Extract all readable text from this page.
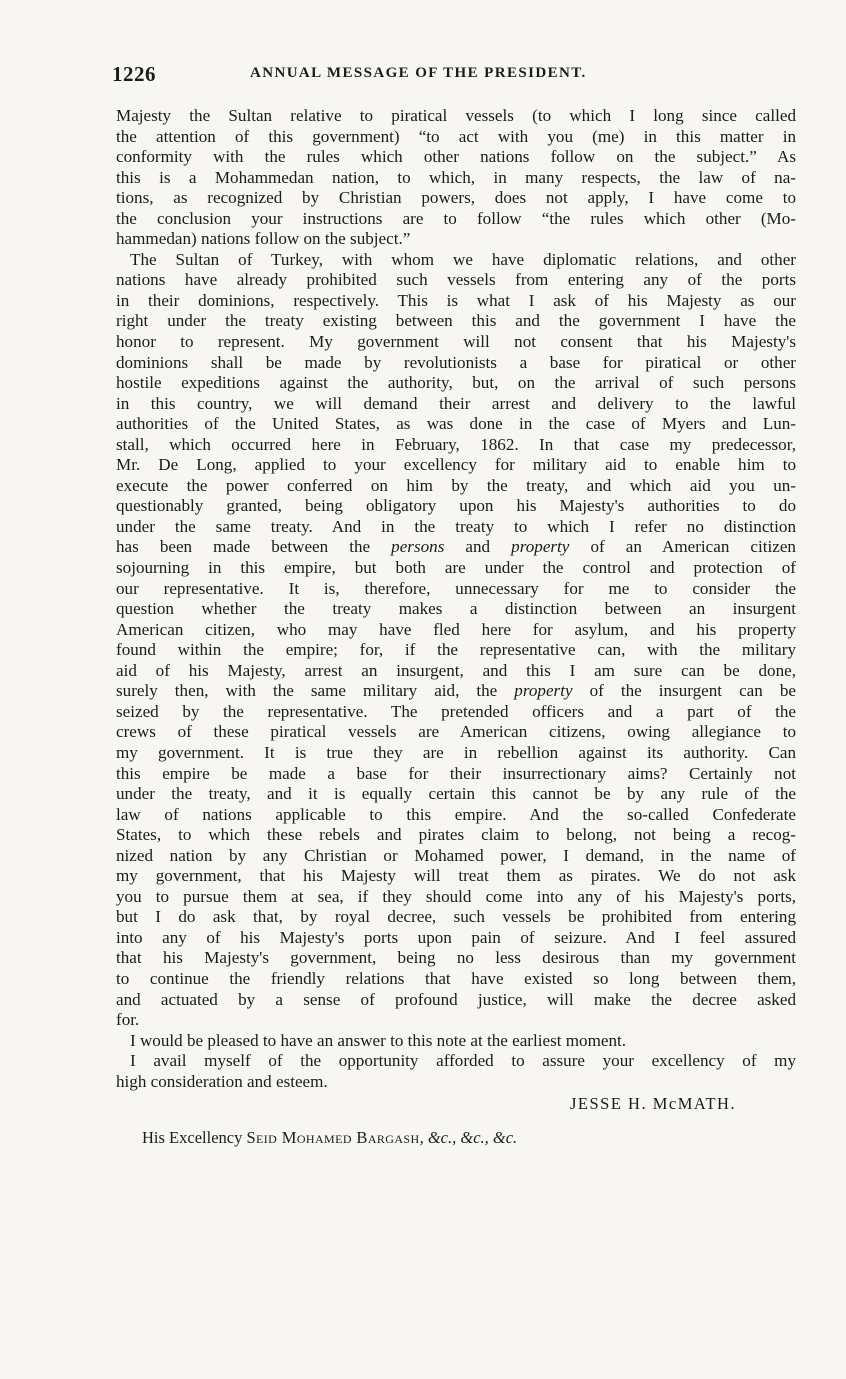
1226	ANNUAL MESSAGE OF THE PRESIDENT.
Majesty the Sultan relative to piratical vessels (to which I long since called
the attention of this government) “to act with you (me) in this matter in
conformity with the rules which other nations follow on the subject.” As
this is a Mohammedan nation, to which, in many respects, the law of na-
tions, as recognized by Christian powers, does not apply, I have come to
the conclusion your instructions are to follow “the rules which other (Mo-
hammedan) nations follow on the subject.”
The Sultan of Turkey, with whom we have diplomatic relations, and other
nations have already prohibited such vessels from entering any of the ports
in their dominions, respectively. This is what I ask of his Majesty as our
right under the treaty existing between this and the government I have the
honor to represent. My government will not consent that his Majesty's
dominions shall be made by revolutionists a base for piratical or other
hostile expeditions against the authority, but, on the arrival of such persons
in this country, we will demand their arrest and delivery to the lawful
authorities of the United States, as was done in the case of Myers and Lun-
stall, which occurred here in February, 1862. In that case my predecessor,
Mr. De Long, applied to your excellency for military aid to enable him to
execute the power conferred on him by the treaty, and which aid you un-
questionably granted, being obligatory upon his Majesty's authorities to do
under the same treaty. And in the treaty to which I refer no distinction
has been made between the persons and property of an American citizen
sojourning in this empire, but both are under the control and protection of
our representative. It is, therefore, unnecessary for me to consider the
question whether the treaty makes a distinction between an insurgent
American citizen, who may have fled here for asylum, and his property
found within the empire; for, if the representative can, with the military
aid of his Majesty, arrest an insurgent, and this I am sure can be done,
surely then, with the same military aid, the property of the insurgent can be
seized by the representative. The pretended officers and a part of the
crews of these piratical vessels are American citizens, owing allegiance to
my government. It is true they are in rebellion against its authority. Can
this empire be made a base for their insurrectionary aims? Certainly not
under the treaty, and it is equally certain this cannot be by any rule of the
law of nations applicable to this empire. And the so-called Confederate
States, to which these rebels and pirates claim to belong, not being a recog-
nized nation by any Christian or Mohamed power, I demand, in the name of
my government, that his Majesty will treat them as pirates. We do not ask
you to pursue them at sea, if they should come into any of his Majesty's ports,
but I do ask that, by royal decree, such vessels be prohibited from entering
into any of his Majesty's ports upon pain of seizure. And I feel assured
that his Majesty's government, being no less desirous than my government
to continue the friendly relations that have existed so long between them,
and actuated by a sense of profound justice, will make the decree asked
for.
I would be pleased to have an answer to this note at the earliest moment.
I avail myself of the opportunity afforded to assure your excellency of my
high consideration and esteem.
JESSE H. McMATH.
His Excellency Seid Mohamed Bargash, &c., &c., &c.
